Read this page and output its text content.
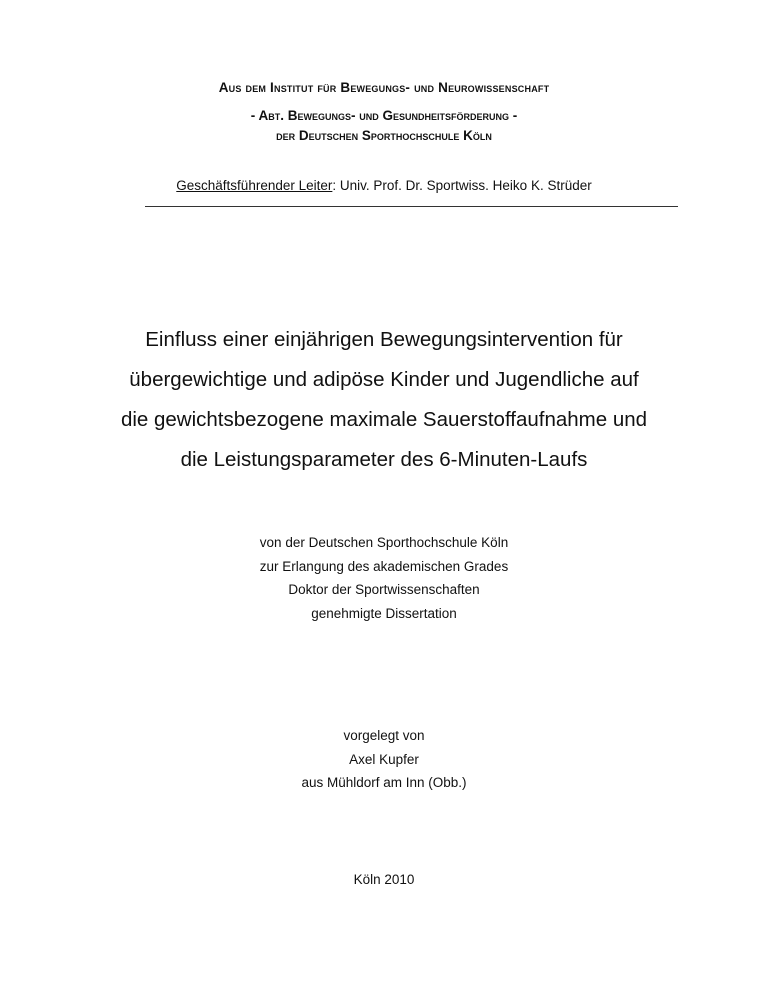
Aus dem Institut für Bewegungs- und Neurowissenschaft
- Abt. Bewegungs- und Gesundheitsförderung -
der Deutschen Sporthochschule Köln
Geschäftsführender Leiter: Univ. Prof. Dr. Sportwiss. Heiko K. Strüder
Einfluss einer einjährigen Bewegungsintervention für
übergewichtige und adipöse Kinder und Jugendliche auf
die gewichtsbezogene maximale Sauerstoffaufnahme und
die Leistungsparameter des 6-Minuten-Laufs
von der Deutschen Sporthochschule Köln
zur Erlangung des akademischen Grades
Doktor der Sportwissenschaften
genehmigte Dissertation
vorgelegt von
Axel Kupfer
aus Mühldorf am Inn (Obb.)
Köln 2010
